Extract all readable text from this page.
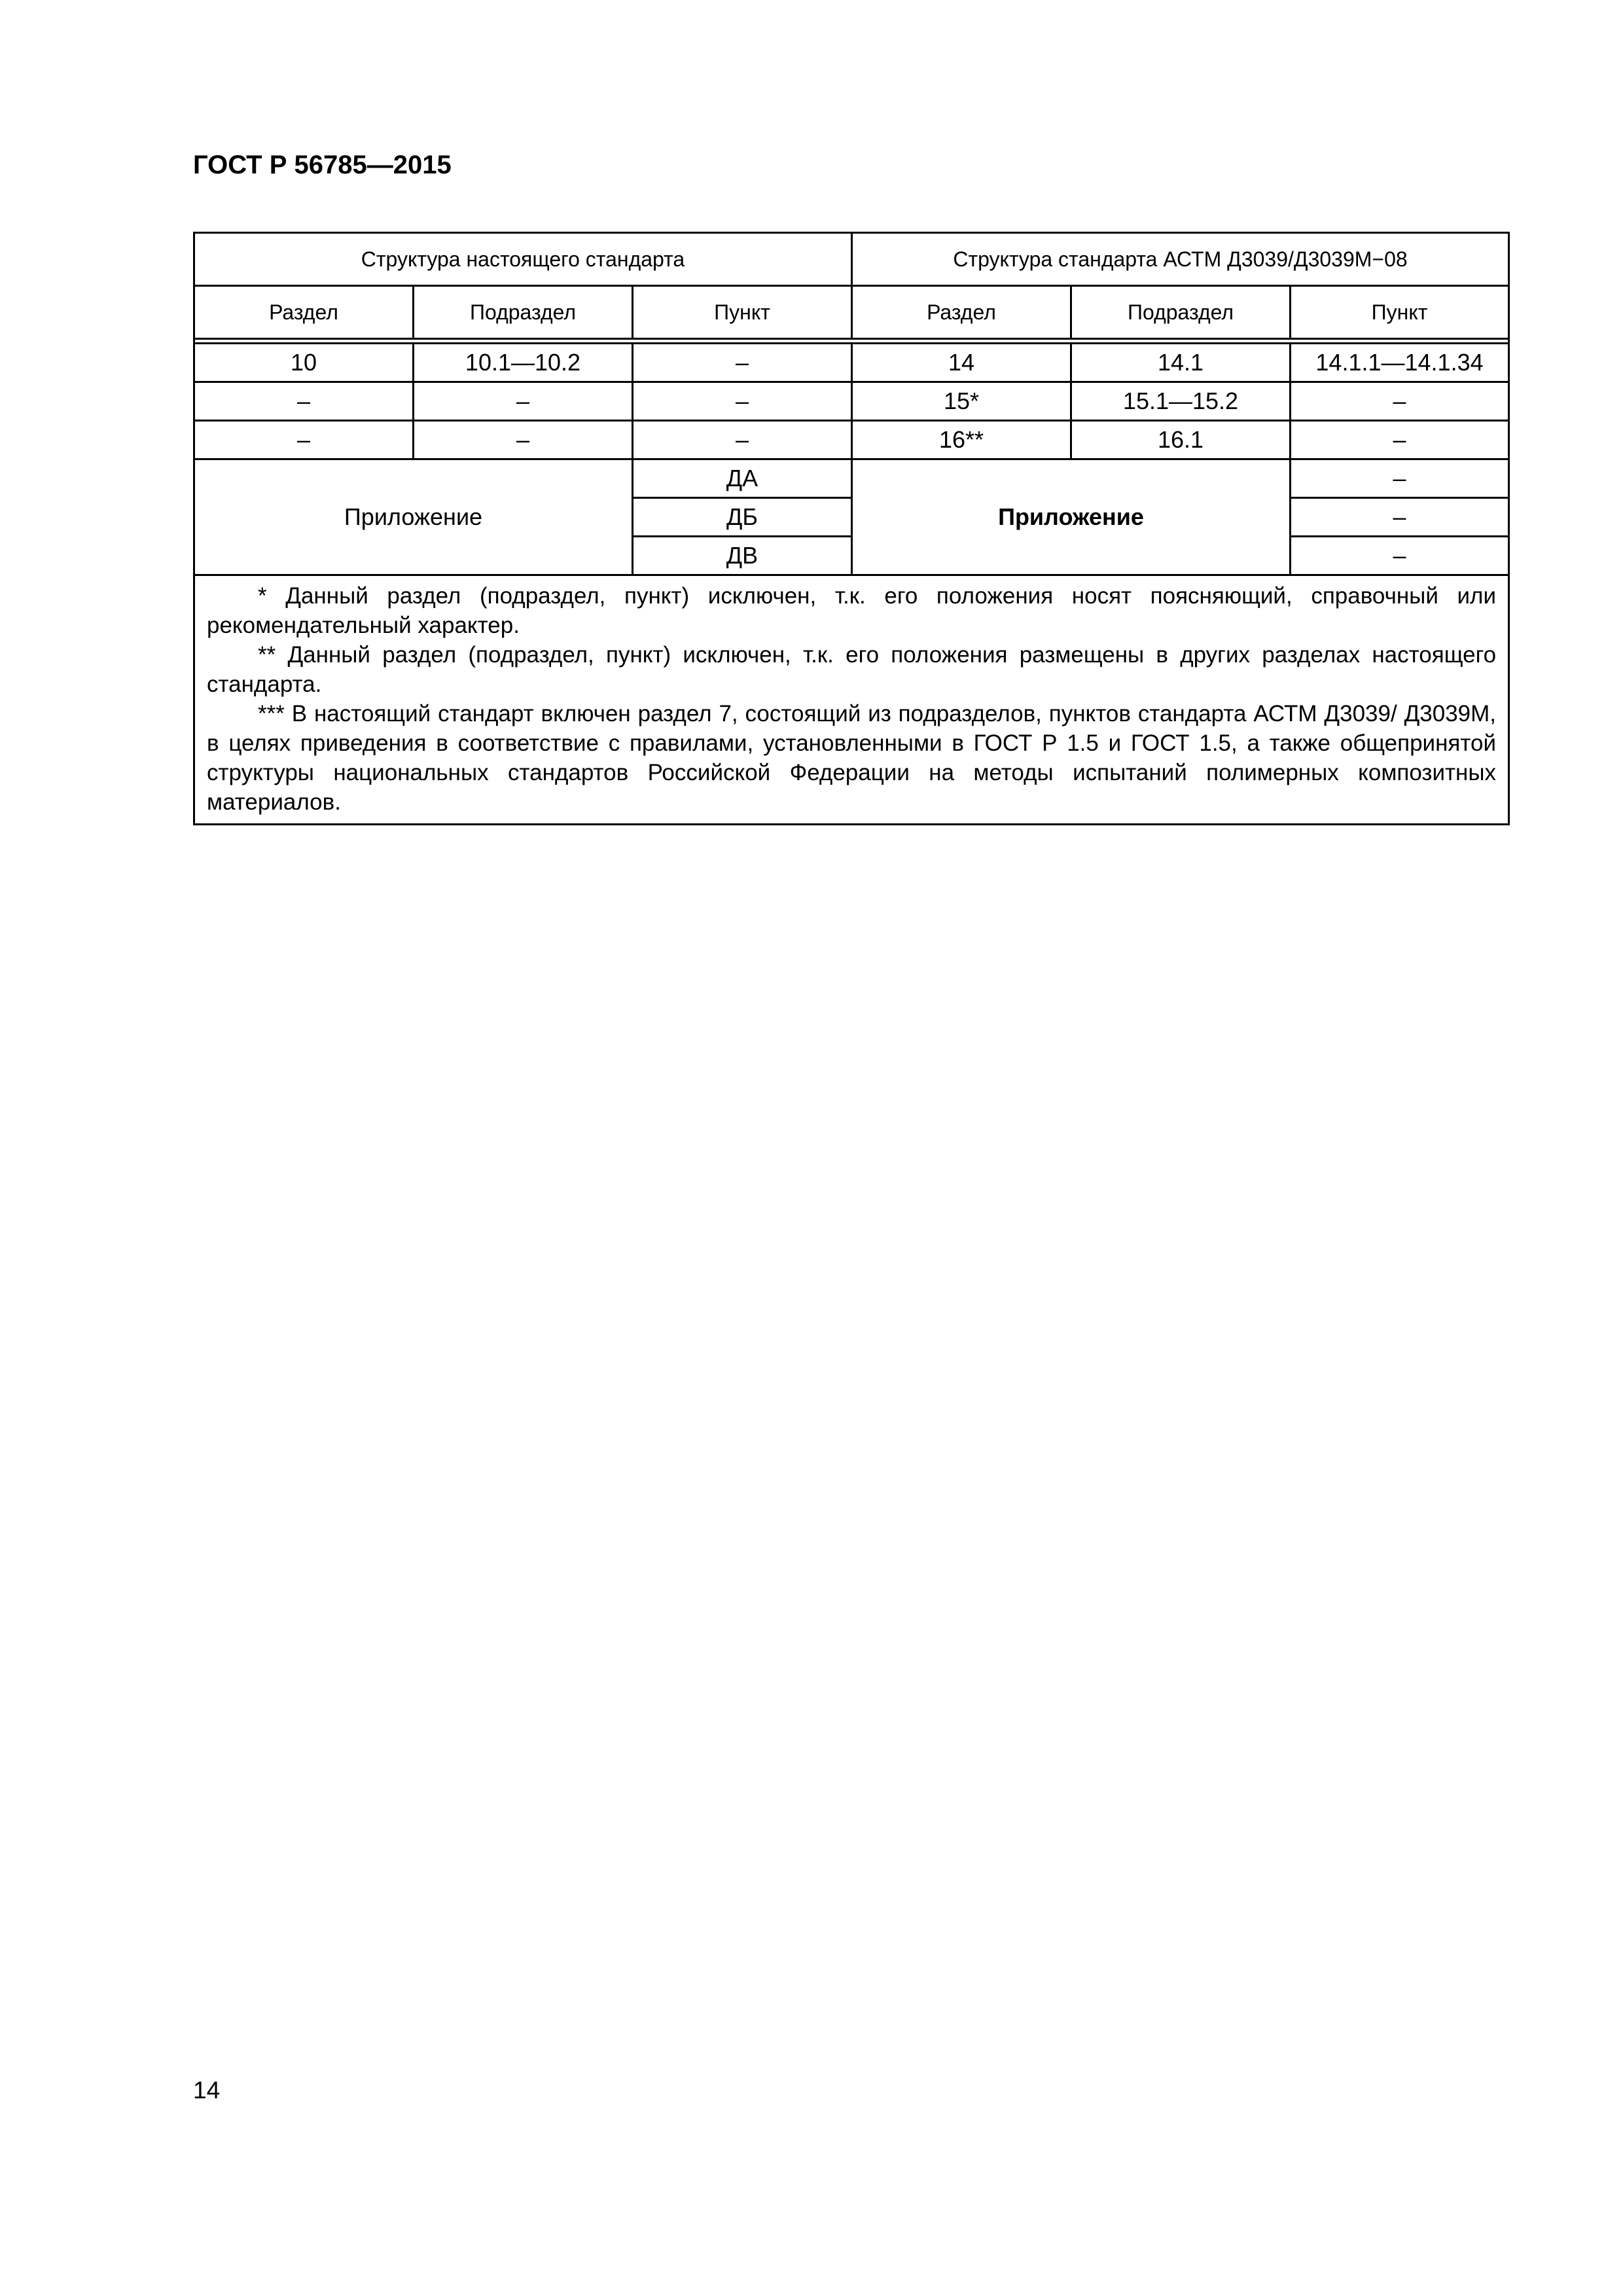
ГОСТ Р 56785—2015
Структура настоящего стандарта			Структура стандарта АСТМ Д3039/Д3039М−08		
Раздел	Подраздел	Пункт	Раздел	Подраздел	Пункт

10	10.1—10.2	–	14	14.1	14.1.1—14.1.34
–	–	–	15*	15.1—15.2	–
–	–	–	16**	16.1	–
Приложение		ДА	Приложение		–
		ДБ			–
		ДВ			–

* Данный раздел (подраздел, пункт) исключен, т.к. его положения носят поясняющий, справочный или рекомендательный характер.

** Данный раздел (подраздел, пункт) исключен, т.к. его положения размещены в других разделах настоящего стандарта.

*** В настоящий стандарт включен раздел 7, состоящий из подразделов, пунктов стандарта АСТМ Д3039/ Д3039М, в целях приведения в соответствие с правилами, установленными в ГОСТ Р 1.5 и ГОСТ 1.5, а также общепринятой структуры национальных стандартов Российской Федерации на методы испытаний полимерных композитных материалов.					

14
